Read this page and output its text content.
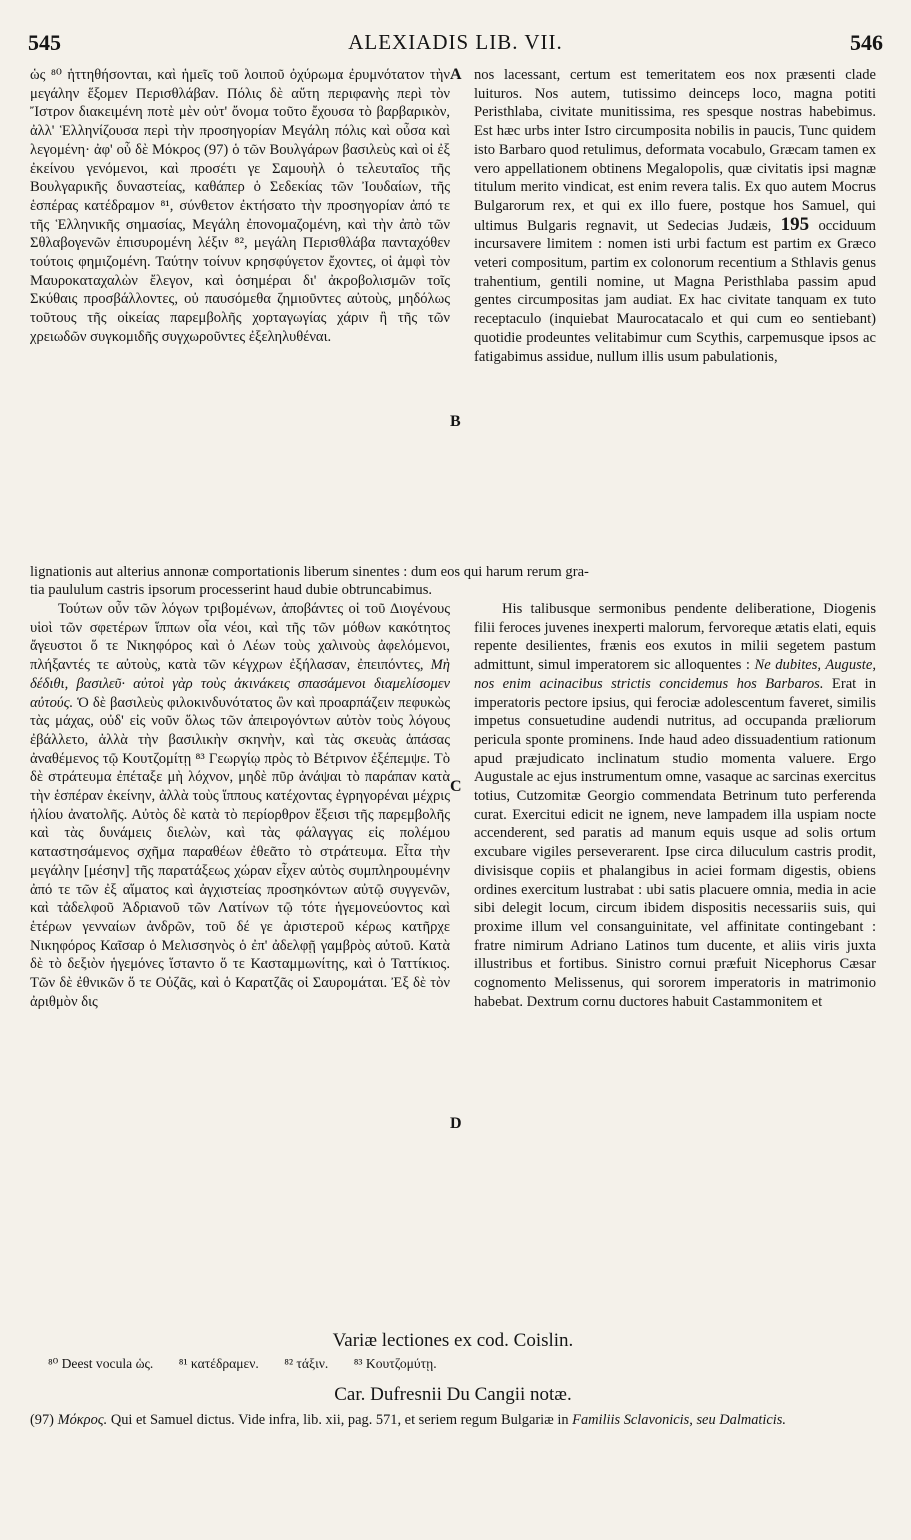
545	ALEXIADIS LIB. VII.	546

ὡς ⁸⁰ ἡττηθήσονται, καὶ ἡμεῖς τοῦ λοιποῦ ὀχύρωμα ἐρυμνότατον τὴν μεγάλην ἕξομεν Περισθλάβαν. Πόλις δὲ αὕτη περιφανὴς περὶ τὸν Ἴστρον διακειμένη ποτὲ μὲν οὐτ' ὄνομα τοῦτο ἔχουσα τὸ βαρβαρικὸν, ἀλλ' Ἑλληνίζουσα περὶ τὴν προσηγορίαν Μεγάλη πόλις καὶ οὖσα καὶ λεγομένη· ἀφ' οὗ δὲ Μόκρος (97) ὁ τῶν Βουλγάρων βασιλεὺς καὶ οἱ ἐξ ἐκείνου γενόμενοι, καὶ προσέτι γε Σαμουὴλ ὁ τελευταῖος τῆς Βουλγαρικῆς δυναστείας, καθάπερ ὁ Σεδεκίας τῶν Ἰουδαίων, τῆς ἑσπέρας κατέδραμον ⁸¹, σύνθετον ἐκτήσατο τὴν προσηγορίαν ἀπό τε τῆς Ἑλληνικῆς σημασίας, Μεγάλη ἐπονομαζομένη, καὶ τὴν ἀπὸ τῶν Σθλαβογενῶν ἐπισυρομένη λέξιν ⁸², μεγάλη Περισθλάβα πανταχόθεν τούτοις φημιζομένη. Ταύτην τοίνυν κρησφύγετον ἔχοντες, οἱ ἀμφὶ τὸν Μαυροκαταχαλὼν ἔλεγον, καὶ ὁσημέραι δι' ἀκροβολισμῶν τοῖς Σκύθαις προσβάλλοντες, οὐ παυσόμεθα ζημιοῦντες αὐτοὺς, μηδόλως τοῦτους τῆς οἰκείας παρεμβολῆς χορταγωγίας χάριν ἢ τῆς τῶν χρειωδῶν συγκομιδῆς συγχωροῦντες ἐξεληλυθέναι.

nos lacessant, certum est temeritatem eos nox præsenti clade luituros. Nos autem, tutissimo deinceps loco, magna potiti Peristhlaba, civitate munitissima, res spesque nostras habebimus. Est hæc urbs inter Istro circumposita nobilis in paucis, Tunc quidem isto Barbaro quod retulimus, deformata vocabulo, Græcam tamen ex vero appellationem obtinens Megalopolis, quæ civitatis ipsi magnæ titulum merito vindicat, est enim revera talis. Ex quo autem Mocrus Bulgarorum rex, et qui ex illo fuere, postque hos Samuel, qui ultimus Bulgaris regnavit, ut Sedecias Judæis, 195 occiduum incursavere limitem : nomen isti urbi factum est partim ex Græco veteri compositum, partim ex colonorum recentium a Sthlavis genus trahentium, gentili nomine, ut Magna Peristhlaba passim apud gentes circumpositas jam audiat. Ex hac civitate tanquam ex tuto receptaculo (inquiebat Maurocatacalo et qui cum eo sentiebant) quotidie prodeuntes velitabimur cum Scythis, carpemusque ipsos ac fatigabimus assidue, nullum illis usum pabulationis,

lignationis aut alterius annonæ comportationis liberum sinentes : dum eos qui harum rerum gra-
tia paululum castris ipsorum processerint haud dubie obtruncabimus.

Τούτων οὖν τῶν λόγων τριβομένων, ἀποβάντες οἱ τοῦ Διογένους υἱοὶ τῶν σφετέρων ἵππων οἷα νέοι, καὶ τῆς τῶν μόθων κακότητος ἄγευστοι ὅ τε Νικηφόρος καὶ ὁ Λέων τοὺς χαλινοὺς ἀφελόμενοι, πλήξαντές τε αὐτοὺς, κατὰ τῶν κέγχρων ἐξήλασαν, ἐπειπόντες, Μὴ δέδιθι, βασιλεῦ· αὐτοὶ γὰρ τοὺς ἀκινάκεις σπασάμενοι διαμελίσομεν αὐτούς. Ὁ δὲ βασιλεὺς φιλοκινδυνότατος ὢν καὶ προαρπάζειν πεφυκὼς τὰς μάχας, οὐδ' εἰς νοῦν ὅλως τῶν ἀπειρογόντων αὐτὸν τοὺς λόγους ἐβάλλετο, ἀλλὰ τὴν βασιλικὴν σκηνὴν, καὶ τὰς σκευὰς ἁπάσας ἀναθέμενος τῷ Κουτζομίτῃ ⁸³ Γεωργίῳ πρὸς τὸ Βέτρινον ἐξέπεμψε. Τὸ δὲ στράτευμα ἐπέταξε μὴ λόχνον, μηδὲ πῦρ ἀνάψαι τὸ παράπαν κατὰ τὴν ἑσπέραν ἐκείνην, ἀλλὰ τοὺς ἵππους κατέχοντας ἐγρηγορέναι μέχρις ἡλίου ἀνατολῆς. Αὐτὸς δὲ κατὰ τὸ περίορθρον ἔξεισι τῆς παρεμβολῆς καὶ τὰς δυνάμεις διελὼν, καὶ τὰς φάλαγγας εἰς πολέμου καταστησάμενος σχῆμα παραθέων ἐθεᾶτο τὸ στράτευμα. Εἶτα τὴν μεγάλην [μέσην] τῆς παρατάξεως χώραν εἶχεν αὐτὸς συμπληρουμένην ἀπό τε τῶν ἐξ αἵματος καὶ ἀγχιστείας προσηκόντων αὐτῷ συγγενῶν, καὶ τἀδελφοῦ Ἀδριανοῦ τῶν Λατίνων τῷ τότε ἡγεμονεύοντος καὶ ἑτέρων γενναίων ἀνδρῶν, τοῦ δέ γε ἀριστεροῦ κέρως κατῆρχε Νικηφόρος Καῖσαρ ὁ Μελισσηνὸς ὁ ἐπ' ἀδελφῇ γαμβρὸς αὐτοῦ. Κατὰ δὲ τὸ δεξιὸν ἡγεμόνες ἵσταντο ὅ τε Κασταμμωνίτης, καὶ ὁ Ταττίκιος. Τῶν δὲ ἐθνικῶν ὅ τε Οὐζᾶς, καὶ ὁ Καρατζᾶς οἱ Σαυρομάται. Ἐξ δὲ τὸν ἀριθμὸν δις

His talibusque sermonibus pendente deliberatione, Diogenis filii feroces juvenes inexperti malorum, fervoreque ætatis elati, equis repente desilientes, frænis eos exutos in milii segetem pastum admittunt, simul imperatorem sic alloquentes : Ne dubites, Auguste, nos enim acinacibus strictis concidemus hos Barbaros. Erat in imperatoris pectore ipsius, qui ferociæ adolescentum faveret, similis impetus consuetudine audendi nutritus, ad occupanda præliorum pericula sponte prominens. Inde haud adeo dissuadentium rationum apud præjudicato inclinatum studio momenta valuere. Ergo Augustale ac ejus instrumentum omne, vasaque ac sarcinas exercitus totius, Cutzomitæ Georgio commendata Betrinum tuto perferenda curat. Exercitui edicit ne ignem, neve lampadem illa uspiam nocte accenderent, sed paratis ad manum equis usque ad solis ortum excubare vigiles perseverarent. Ipse circa diluculum castris prodit, divisisque copiis et phalangibus in aciei formam digestis, obiens ordines exercitum lustrabat : ubi satis placuere omnia, media in acie sibi delegit locum, circum ibidem dispositis necessariis suis, qui proxime illum vel consanguinitate, vel affinitate contingebant : fratre nimirum Adriano Latinos tum ducente, et aliis viris juxta illustribus et fortibus. Sinistro cornui præfuit Nicephorus Cæsar cognomento Melissenus, qui sororem imperatoris in matrimonio habebat. Dextrum cornu ductores habuit Castammonitem et

A
B
C
D
Variæ lectiones ex cod. Coislin.
⁸⁰ Deest vocula ὡς. ⁸¹ κατέδραμεν. ⁸² τάξιν. ⁸³ Κουτζομύτῃ.
Car. Dufresnii Du Cangii notæ.
(97) Μόκρος. Qui et Samuel dictus. Vide infra, lib. xii, pag. 571, et seriem regum Bulgariæ in Familiis Sclavonicis, seu Dalmaticis.
